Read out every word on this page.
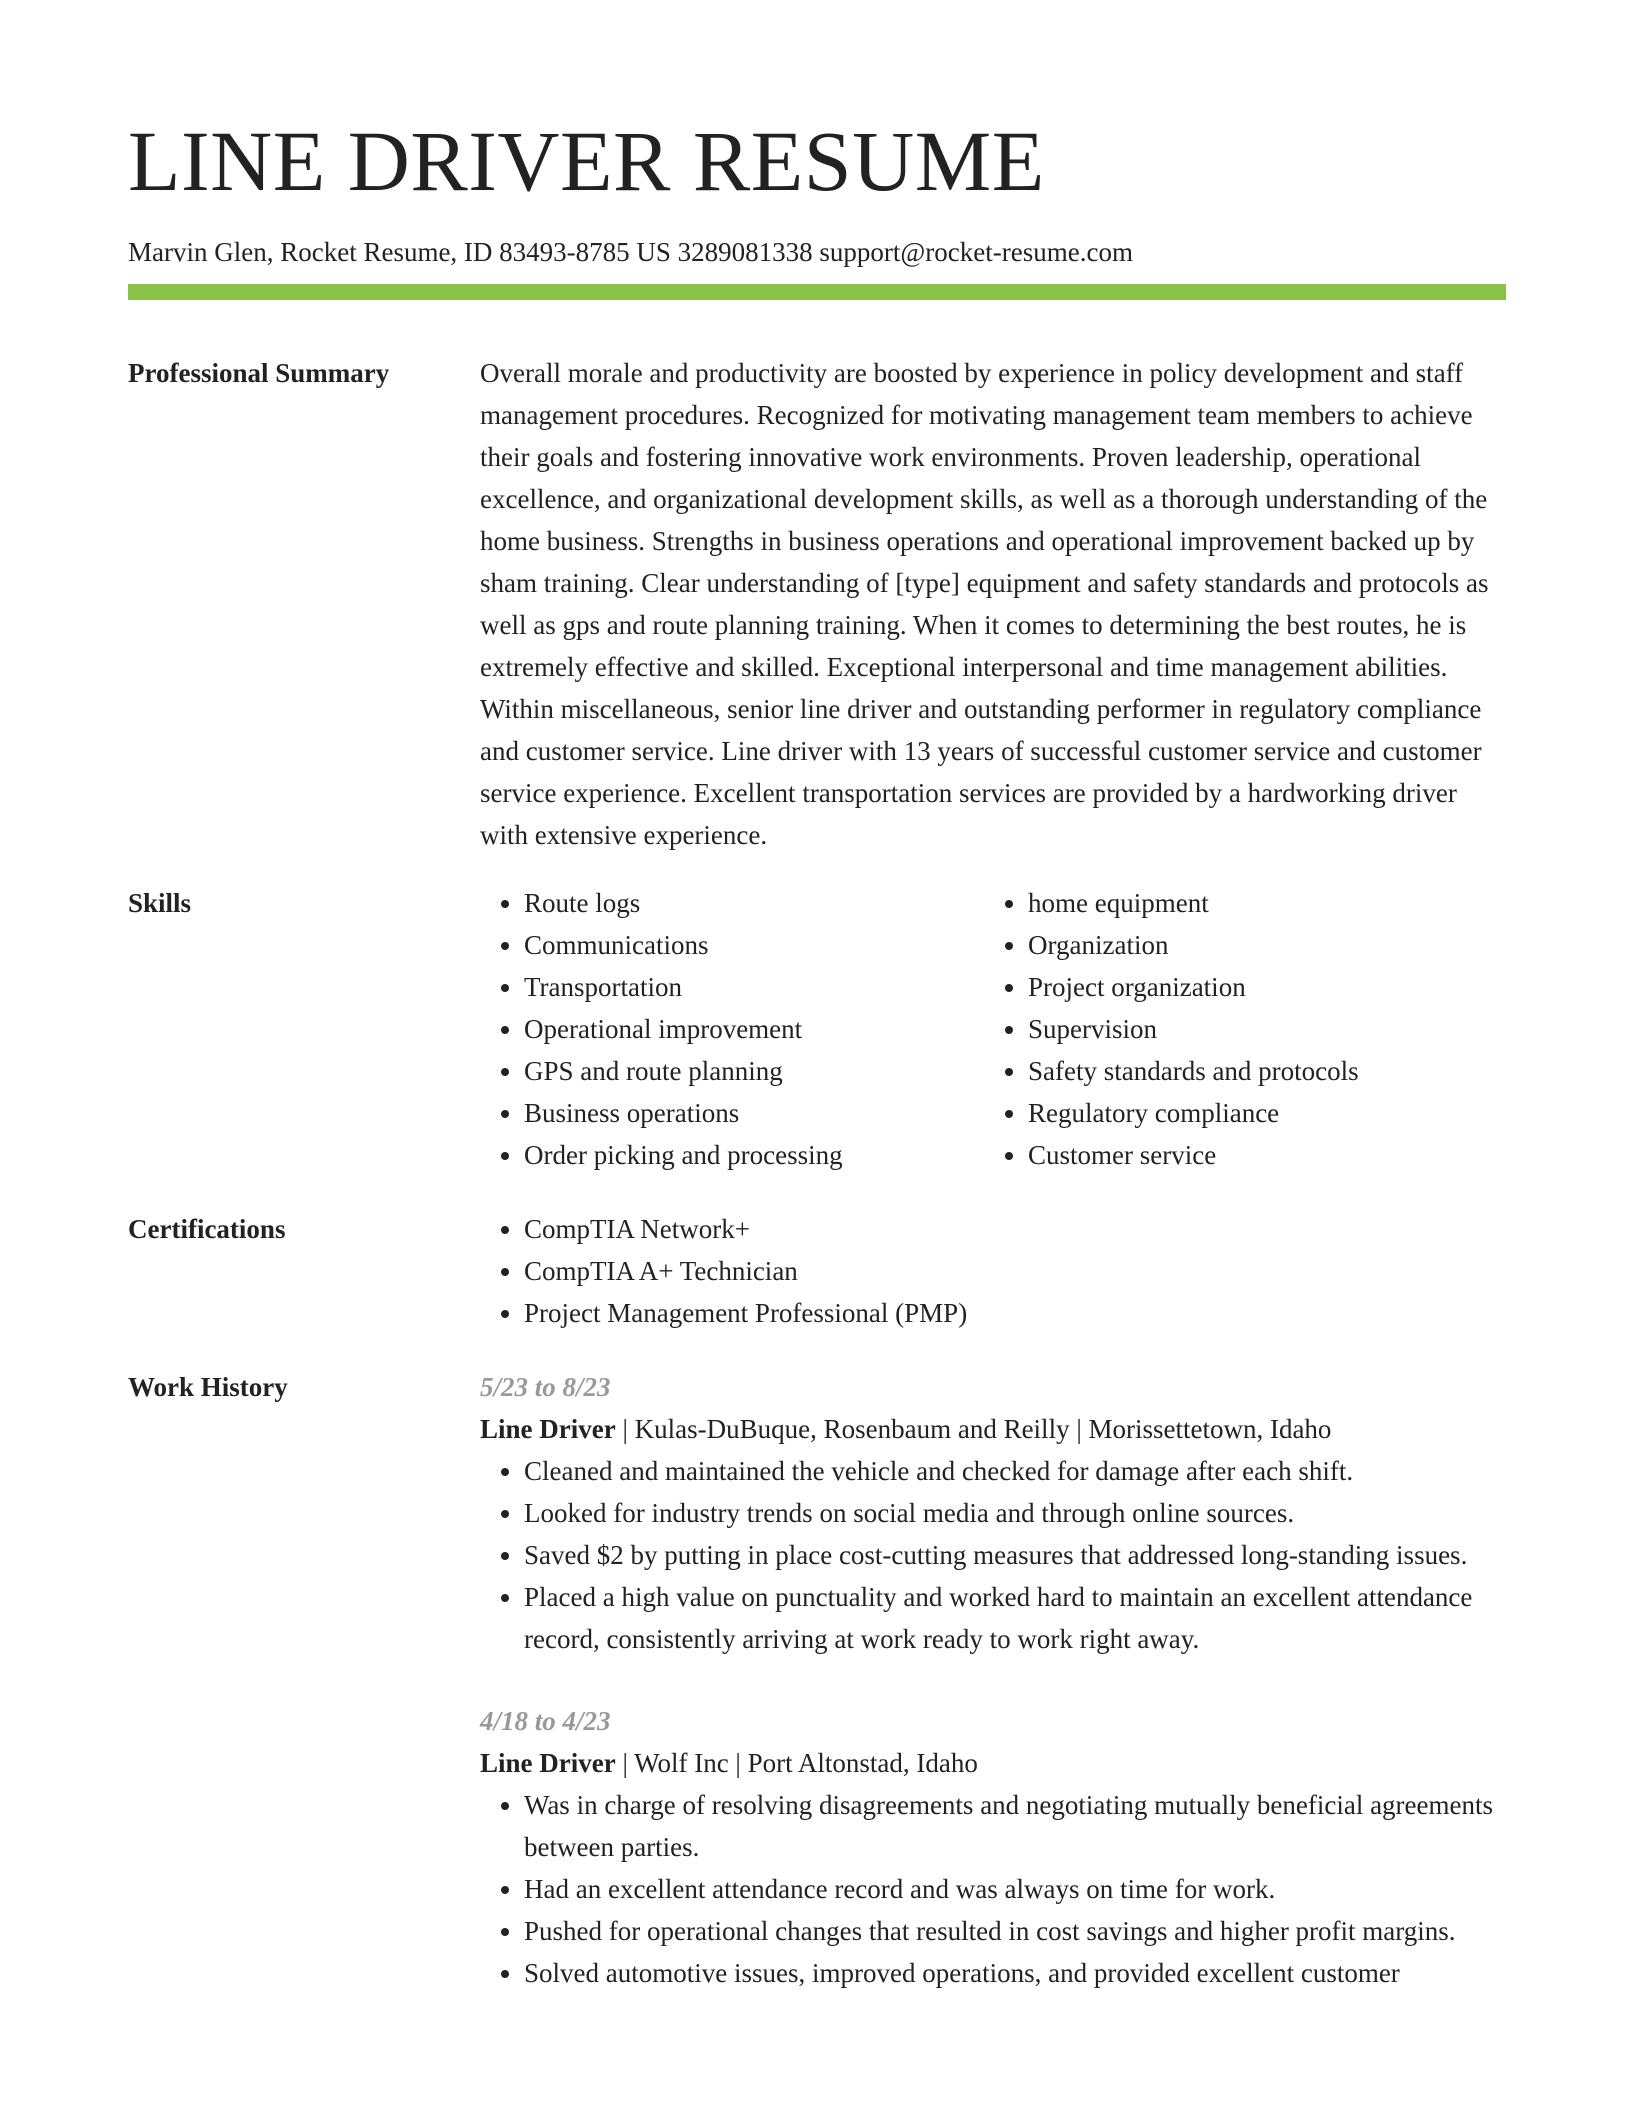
LINE DRIVER RESUME
Marvin Glen, Rocket Resume, ID 83493-8785 US 3289081338 support@rocket-resume.com
Professional Summary	Overall morale and productivity are boosted by experience in policy development and staff management procedures. Recognized for motivating management team members to achieve their goals and fostering innovative work environments. Proven leadership, operational excellence, and organizational development skills, as well as a thorough understanding of the home business. Strengths in business operations and operational improvement backed up by sham training. Clear understanding of [type] equipment and safety standards and protocols as well as gps and route planning training. When it comes to determining the best routes, he is extremely effective and skilled. Exceptional interpersonal and time management abilities. Within miscellaneous, senior line driver and outstanding performer in regulatory compliance and customer service. Line driver with 13 years of successful customer service and customer service experience. Excellent transportation services are provided by a hardworking driver with extensive experience.

Skills	• Route logs
• Communications
• Transportation
• Operational improvement
• GPS and route planning
• Business operations
• Order picking and processing
• home equipment
• Organization
• Project organization
• Supervision
• Safety standards and protocols
• Regulatory compliance
• Customer service
Certifications	• CompTIA Network+
• CompTIA A+ Technician
• Project Management Professional (PMP)
Work History	5/23 to 8/23
Line Driver | Kulas-DuBuque, Rosenbaum and Reilly | Morissettetown, Idaho
• Cleaned and maintained the vehicle and checked for damage after each shift.
• Looked for industry trends on social media and through online sources.
• Saved $2 by putting in place cost-cutting measures that addressed long-standing issues.
• Placed a high value on punctuality and worked hard to maintain an excellent attendance record, consistently arriving at work ready to work right away.
4/18 to 4/23
Line Driver | Wolf Inc | Port Altonstad, Idaho
• Was in charge of resolving disagreements and negotiating mutually beneficial agreements between parties.
• Had an excellent attendance record and was always on time for work.
• Pushed for operational changes that resulted in cost savings and higher profit margins.
• Solved automotive issues, improved operations, and provided excellent customer
